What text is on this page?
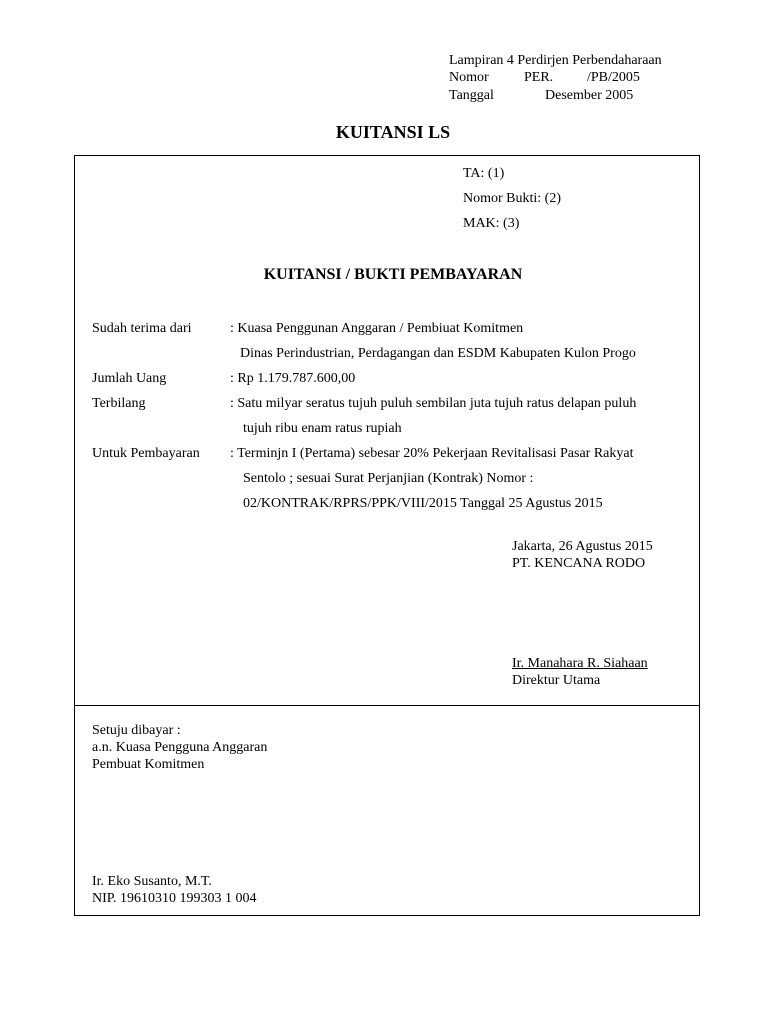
Lampiran 4 Perdirjen Perbendaharaan
Nomor	PER. /PB/2005
Tanggal	Desember 2005
KUITANSI LS
TA: (1)
Nomor Bukti: (2)
MAK: (3)
KUITANSI / BUKTI PEMBAYARAN
Sudah terima dari	: Kuasa Penggunan Anggaran / Pembiuat Komitmen
Dinas Perindustrian, Perdagangan dan ESDM Kabupaten Kulon Progo
Jumlah Uang	: Rp 1.179.787.600,00
Terbilang	: Satu milyar seratus tujuh puluh sembilan juta tujuh ratus delapan puluh
tujuh ribu enam ratus rupiah
Untuk Pembayaran : Terminjn I (Pertama) sebesar 20% Pekerjaan Revitalisasi Pasar Rakyat
Sentolo ; sesuai Surat Perjanjian (Kontrak) Nomor :
02/KONTRAK/RPRS/PPK/VIII/2015 Tanggal 25 Agustus 2015
Jakarta, 26 Agustus 2015
PT. KENCANA RODO
Ir. Manahara R. Siahaan
Direktur Utama
Setuju dibayar :
a.n. Kuasa Pengguna Anggaran
Pembuat Komitmen
Ir. Eko Susanto, M.T.
NIP. 19610310 199303 1 004
